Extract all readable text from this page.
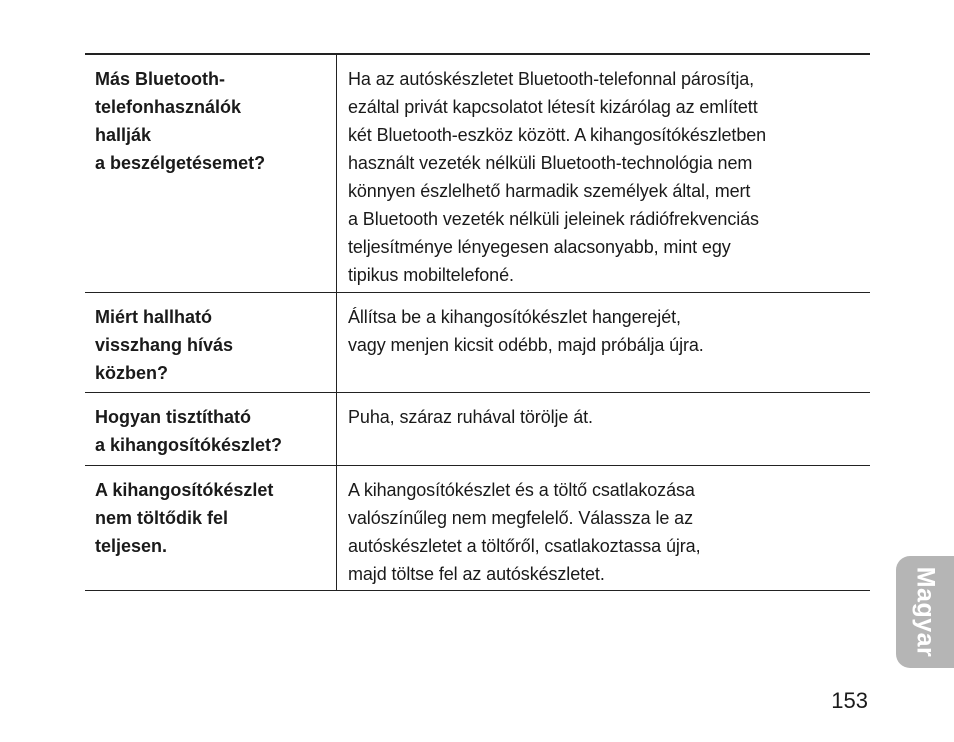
Más Bluetooth-
telefonhasználók
hallják
a beszélgetésemet?
Ha az autóskészletet Bluetooth-telefonnal párosítja,
ezáltal privát kapcsolatot létesít kizárólag az említett
két Bluetooth-eszköz között. A kihangosítókészletben
használt vezeték nélküli Bluetooth-technológia nem
könnyen észlelhető harmadik személyek által, mert
a Bluetooth vezeték nélküli jeleinek rádiófrekvenciás
teljesítménye lényegesen alacsonyabb, mint egy
tipikus mobiltelefoné.
Miért hallható
visszhang hívás
közben?
Állítsa be a kihangosítókészlet hangerejét,
vagy menjen kicsit odébb, majd próbálja újra.
Hogyan tisztítható
a kihangosítókészlet?
Puha, száraz ruhával törölje át.
A kihangosítókészlet
nem töltődik fel
teljesen.
A kihangosítókészlet és a töltő csatlakozása
valószínűleg nem megfelelő. Válassza le az
autóskészletet a töltőről, csatlakoztassa újra,
majd töltse fel az autóskészletet.	Magyar
153
